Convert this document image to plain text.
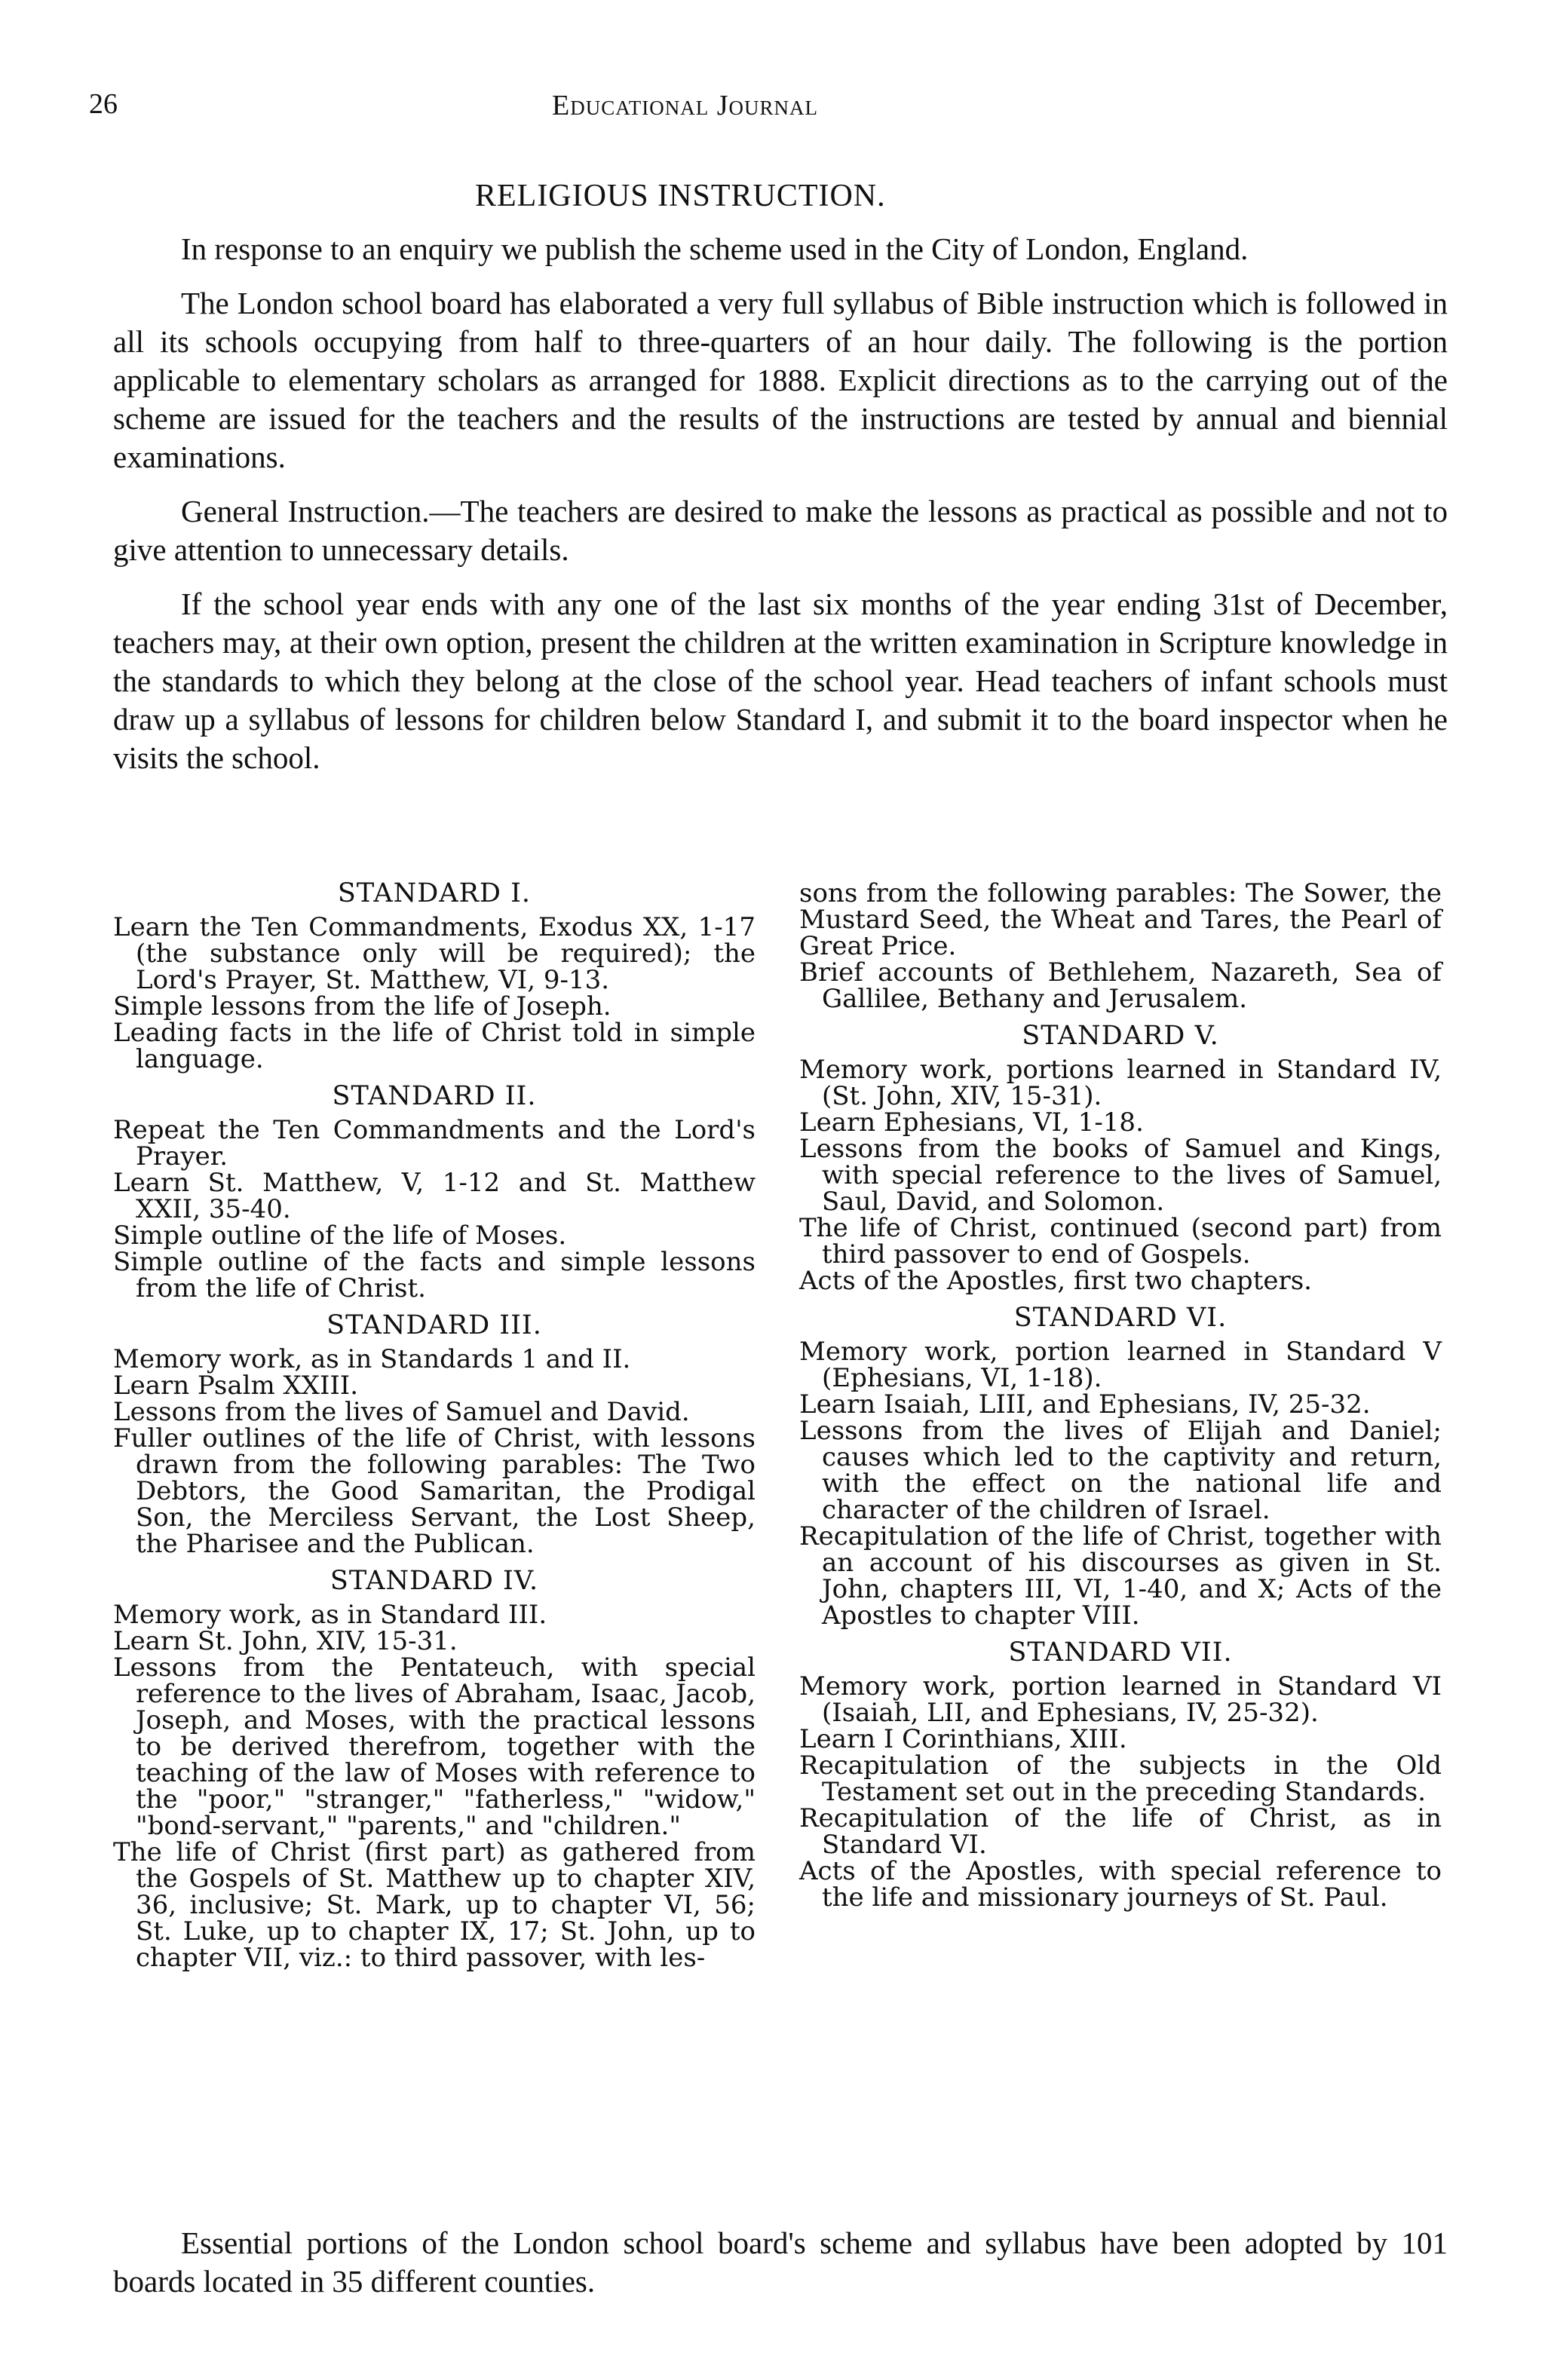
26	Educational Journal
RELIGIOUS INSTRUCTION.

In response to an enquiry we publish the scheme used in the City of London, England.

The London school board has elaborated a very full syllabus of Bible instruction which is followed in all its schools occupying from half to three-quarters of an hour daily. The following is the portion applicable to elementary scholars as arranged for 1888. Explicit directions as to the carrying out of the scheme are issued for the teachers and the results of the instructions are tested by annual and biennial examinations.

General Instruction.—The teachers are desired to make the lessons as practical as possible and not to give attention to unnecessary details.

If the school year ends with any one of the last six months of the year ending 31st of December, teachers may, at their own option, present the children at the written examination in Scripture knowledge in the standards to which they belong at the close of the school year. Head teachers of infant schools must draw up a syllabus of lessons for children below Standard I, and submit it to the board inspector when he visits the school.

STANDARD I.

Learn the Ten Commandments, Exodus XX, 1-17 (the substance only will be required); the Lord's Prayer, St. Matthew, VI, 9-13.

Simple lessons from the life of Joseph.

Leading facts in the life of Christ told in simple language.

STANDARD II.

Repeat the Ten Commandments and the Lord's Prayer.

Learn St. Matthew, V, 1-12 and St. Matthew XXII, 35-40.

Simple outline of the life of Moses.

Simple outline of the facts and simple lessons from the life of Christ.

STANDARD III.

Memory work, as in Standards 1 and II.

Learn Psalm XXIII.

Lessons from the lives of Samuel and David.

Fuller outlines of the life of Christ, with lessons drawn from the following parables: The Two Debtors, the Good Samaritan, the Prodigal Son, the Merciless Servant, the Lost Sheep, the Pharisee and the Publican.

STANDARD IV.

Memory work, as in Standard III.

Learn St. John, XIV, 15-31.

Lessons from the Pentateuch, with special reference to the lives of Abraham, Isaac, Jacob, Joseph, and Moses, with the practical lessons to be derived therefrom, together with the teaching of the law of Moses with reference to the "poor," "stranger," "fatherless," "widow," "bond-servant," "parents," and "children."

The life of Christ (first part) as gathered from the Gospels of St. Matthew up to chapter XIV, 36, inclusive; St. Mark, up to chapter VI, 56; St. Luke, up to chapter IX, 17; St. John, up to chapter VII, viz.: to third passover, with les-

sons from the following parables: The Sower, the Mustard Seed, the Wheat and Tares, the Pearl of Great Price.

Brief accounts of Bethlehem, Nazareth, Sea of Gallilee, Bethany and Jerusalem.

STANDARD V.

Memory work, portions learned in Standard IV, (St. John, XIV, 15-31).

Learn Ephesians, VI, 1-18.

Lessons from the books of Samuel and Kings, with special reference to the lives of Samuel, Saul, David, and Solomon.

The life of Christ, continued (second part) from third passover to end of Gospels.

Acts of the Apostles, first two chapters.

STANDARD VI.

Memory work, portion learned in Standard V (Ephesians, VI, 1-18).

Learn Isaiah, LIII, and Ephesians, IV, 25-32.

Lessons from the lives of Elijah and Daniel; causes which led to the captivity and return, with the effect on the national life and character of the children of Israel.

Recapitulation of the life of Christ, together with an account of his discourses as given in St. John, chapters III, VI, 1-40, and X; Acts of the Apostles to chapter VIII.

STANDARD VII.

Memory work, portion learned in Standard VI (Isaiah, LII, and Ephesians, IV, 25-32).

Learn I Corinthians, XIII.

Recapitulation of the subjects in the Old Testament set out in the preceding Standards.

Recapitulation of the life of Christ, as in Standard VI.

Acts of the Apostles, with special reference to the life and missionary journeys of St. Paul.

Essential portions of the London school board's scheme and syllabus have been adopted by 101 boards located in 35 different counties.
